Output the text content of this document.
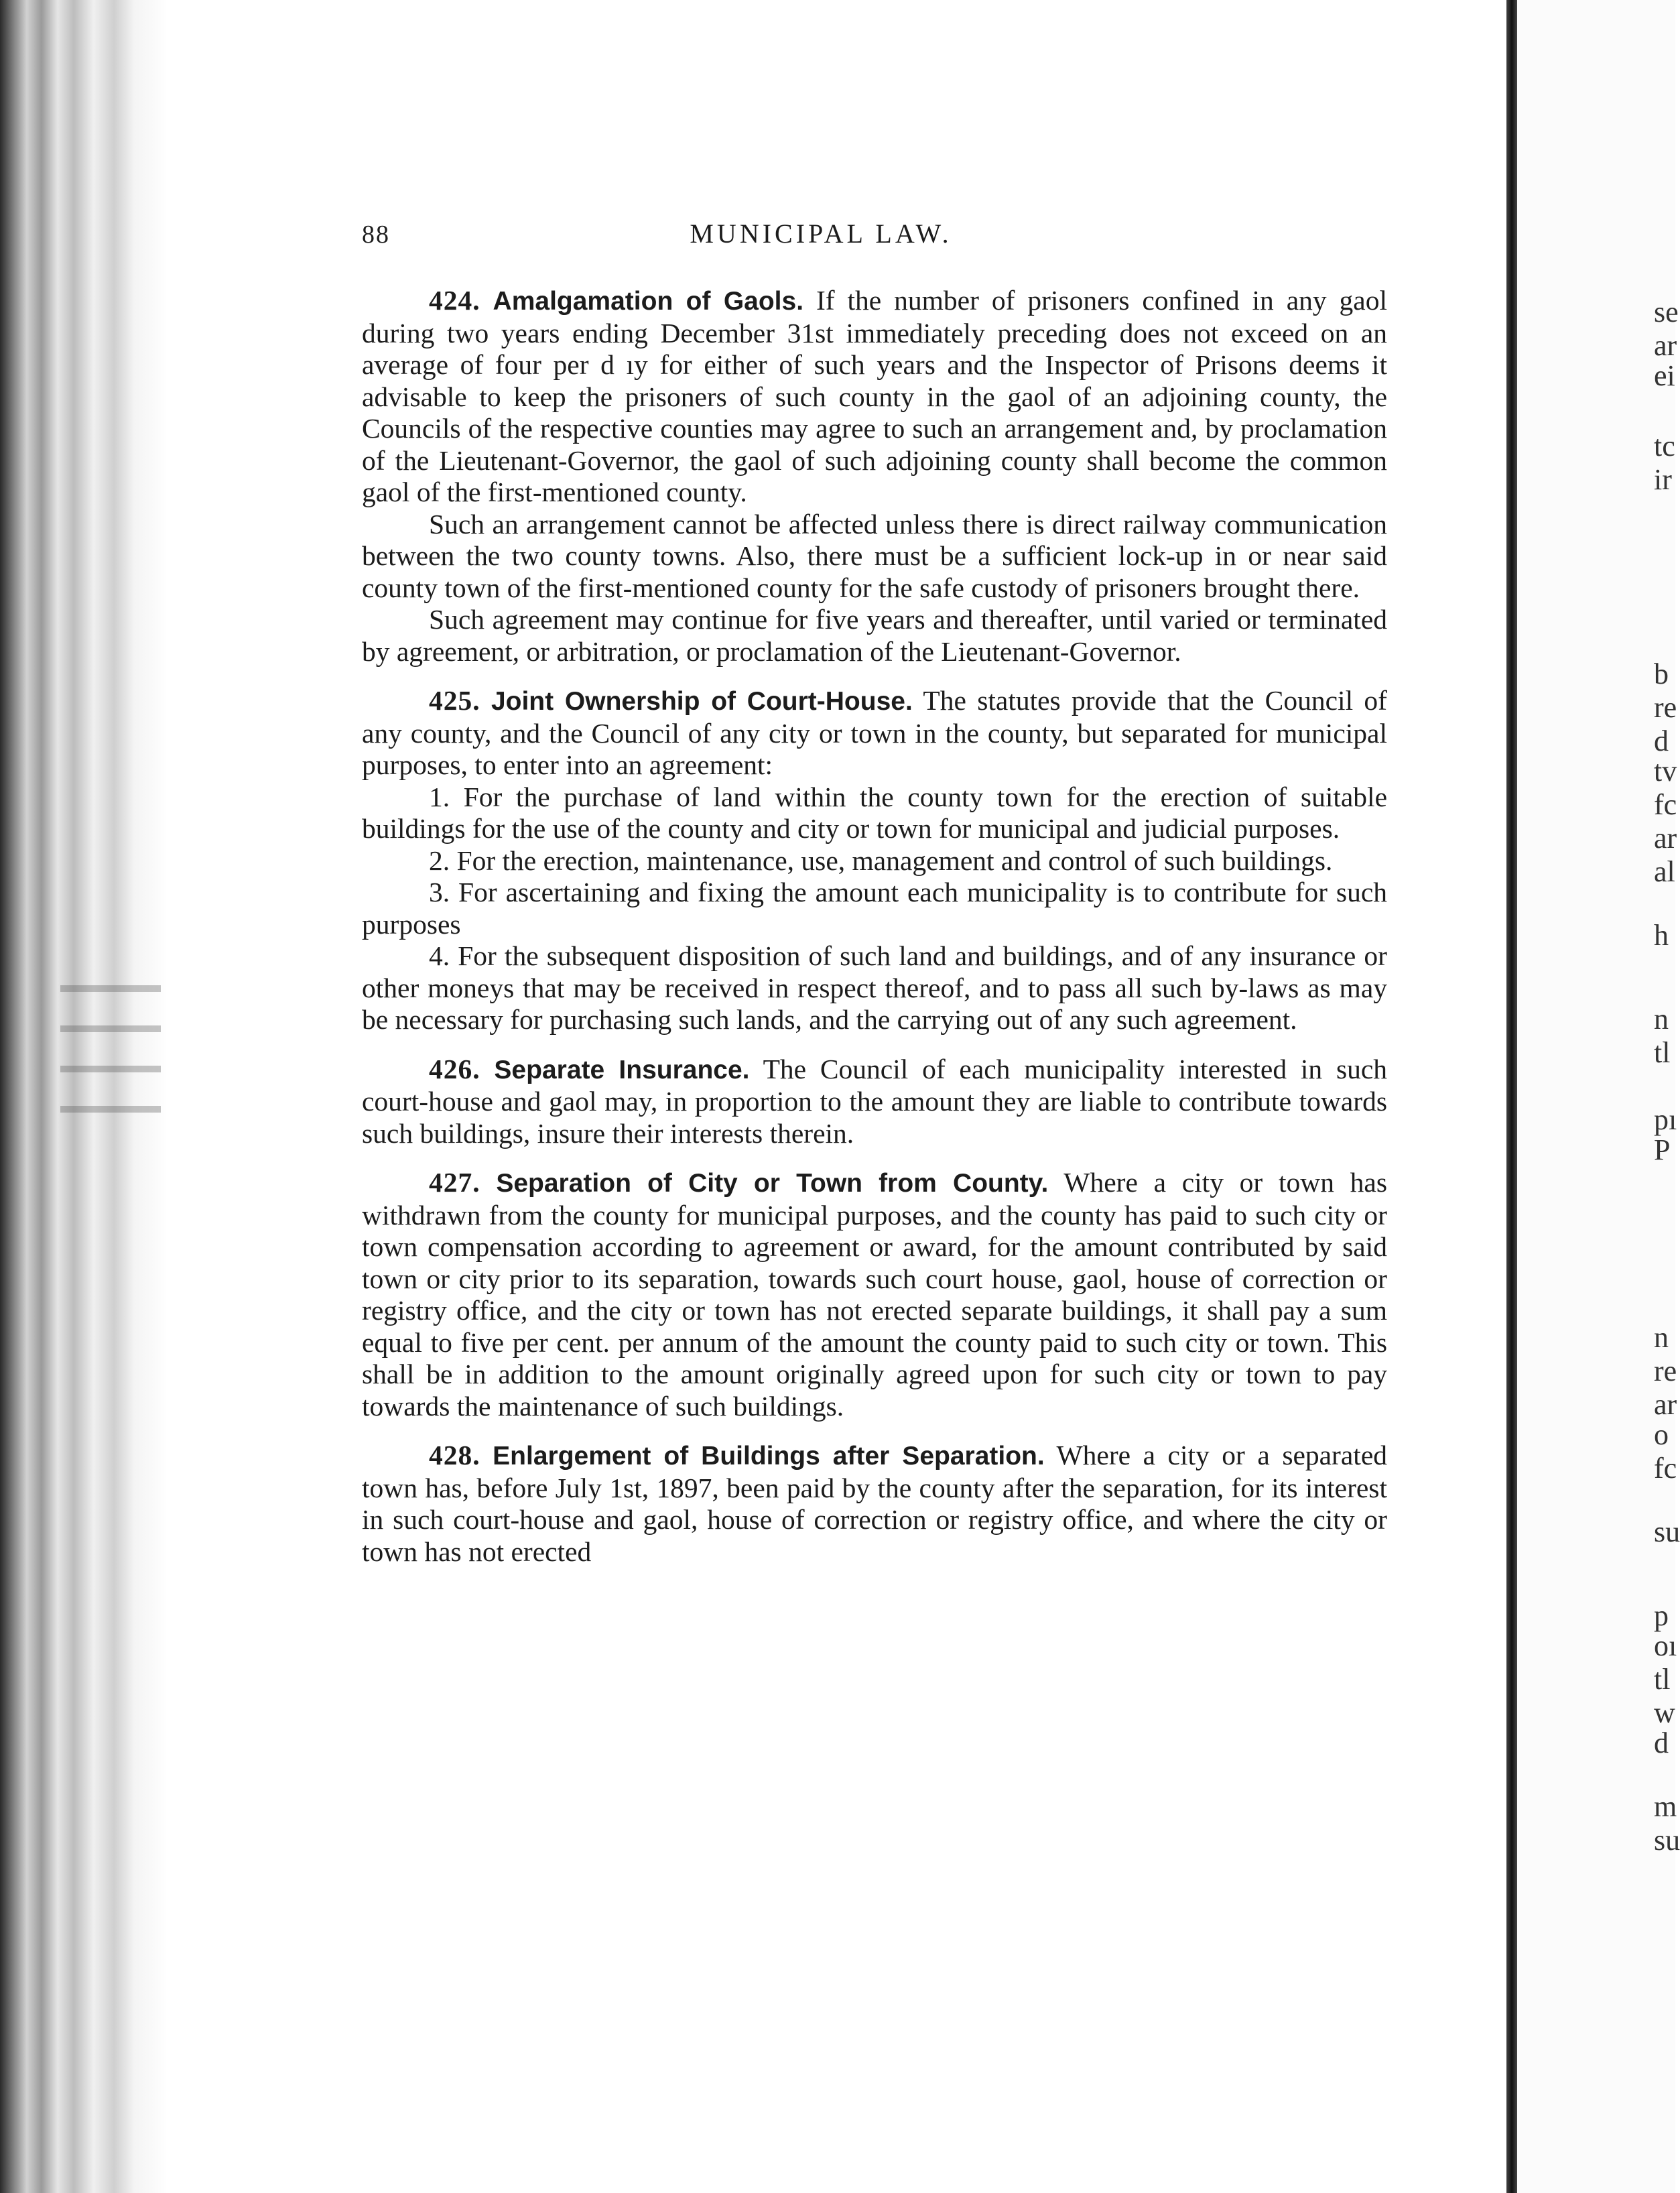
se
ar
ei
tc
ir
b
re
d
tv
fc
ar
al
h
n
tl
pı
P
n
re
ar
o
fc
su
p
oı
tl
w
d
m
su
88	MUNICIPAL LAW.

424. Amalgamation of Gaols. If the number of prisoners confined in any gaol during two years ending December 31st immediately preceding does not exceed on an average of four per d ıy for either of such years and the Inspector of Prisons deems it advisable to keep the prisoners of such county in the gaol of an adjoining county, the Councils of the respective counties may agree to such an arrangement and, by proclamation of the Lieutenant-Governor, the gaol of such adjoining county shall become the common gaol of the first-mentioned county.

Such an arrangement cannot be affected unless there is direct railway communication between the two county towns. Also, there must be a sufficient lock-up in or near said county town of the first-mentioned county for the safe custody of prisoners brought there.

Such agreement may continue for five years and thereafter, until varied or terminated by agreement, or arbitration, or proclamation of the Lieutenant-Governor.

425. Joint Ownership of Court-House. The statutes provide that the Council of any county, and the Council of any city or town in the county, but separated for municipal purposes, to enter into an agreement:

1. For the purchase of land within the county town for the erection of suitable buildings for the use of the county and city or town for municipal and judicial purposes.

2. For the erection, maintenance, use, management and control of such buildings.

3. For ascertaining and fixing the amount each municipality is to contribute for such purposes

4. For the subsequent disposition of such land and buildings, and of any insurance or other moneys that may be received in respect thereof, and to pass all such by-laws as may be necessary for purchasing such lands, and the carrying out of any such agreement.

426. Separate Insurance. The Council of each municipality interested in such court-house and gaol may, in proportion to the amount they are liable to contribute towards such buildings, insure their interests therein.

427. Separation of City or Town from County. Where a city or town has withdrawn from the county for municipal purposes, and the county has paid to such city or town compensation according to agreement or award, for the amount contributed by said town or city prior to its separation, towards such court house, gaol, house of correction or registry office, and the city or town has not erected separate buildings, it shall pay a sum equal to five per cent. per annum of the amount the county paid to such city or town. This shall be in addition to the amount originally agreed upon for such city or town to pay towards the maintenance of such buildings.

428. Enlargement of Buildings after Separation. Where a city or a separated town has, before July 1st, 1897, been paid by the county after the separation, for its interest in such court-house and gaol, house of correction or registry office, and where the city or town has not erected
